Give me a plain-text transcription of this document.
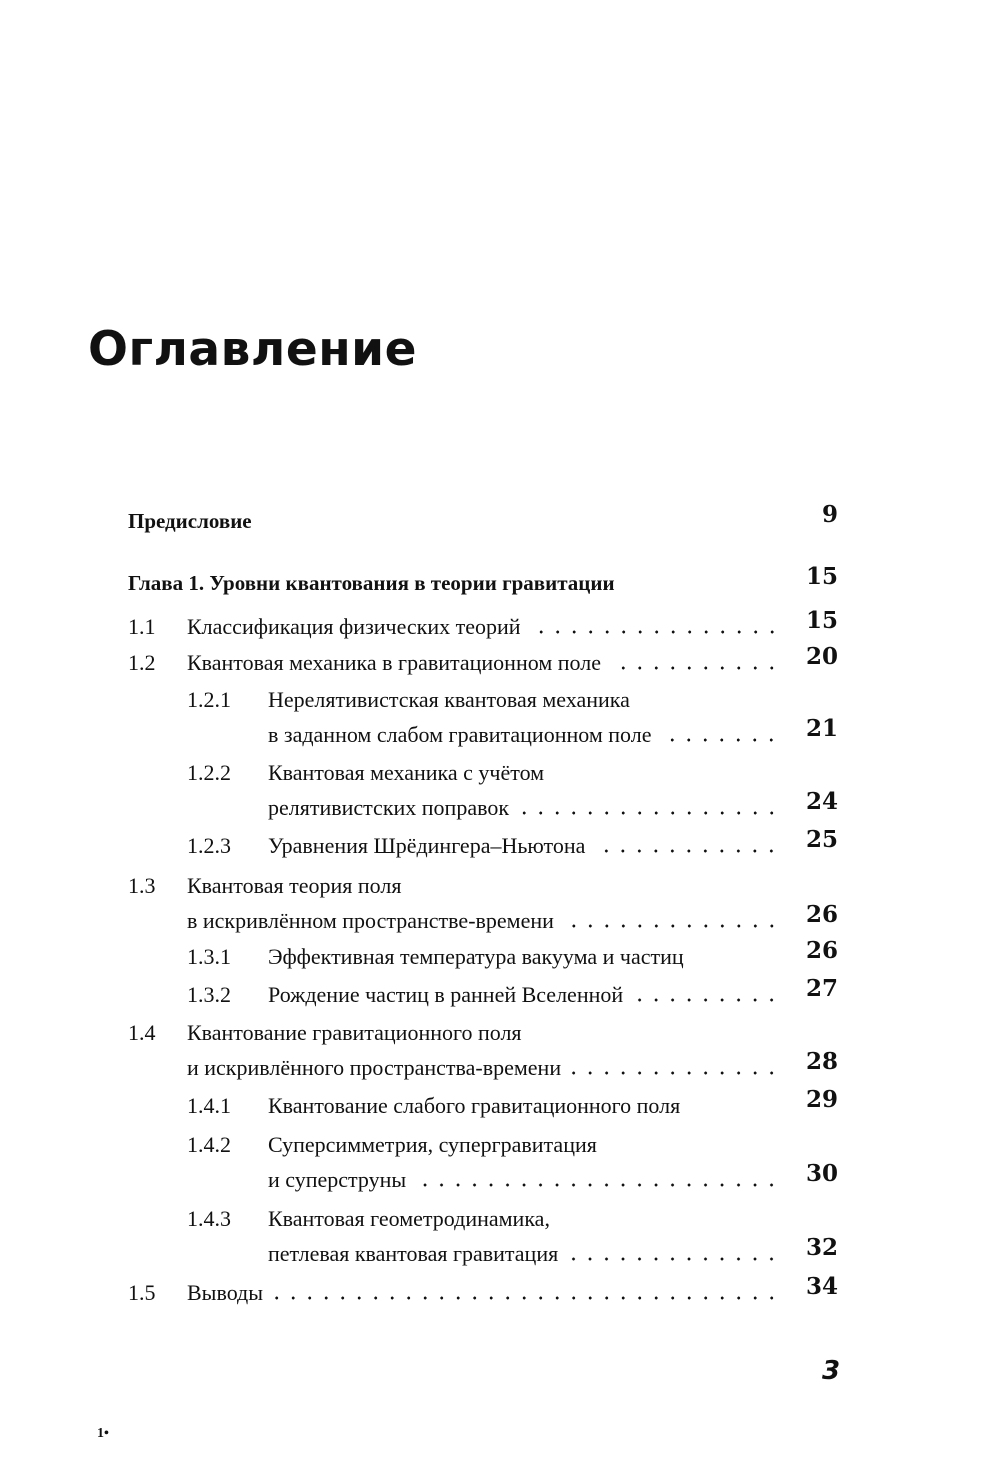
Оглавление
Предисловие	9
Глава 1. Уровни квантования в теории гравитации	15
1.1 Классификация физических теорий	15
1.2 Квантовая механика в гравитационном поле	20
1.2.1 Нерелятивистская квантовая механика
в заданном слабом гравитационном поле	21
1.2.2 Квантовая механика с учётом
релятивистских поправок	24
1.2.3 Уравнения Шрёдингера–Ньютона	25
1.3 Квантовая теория поля
в искривлённом пространстве-времени	26
1.3.1 Эффективная температура вакуума и частиц	26
1.3.2 Рождение частиц в ранней Вселенной	27
1.4 Квантование гравитационного поля
и искривлённого пространства-времени	28
1.4.1 Квантование слабого гравитационного поля	29
1.4.2 Суперсимметрия, супергравитация
и суперструны	30
1.4.3 Квантовая геометродинамика,
петлевая квантовая гравитация	32
1.5 Выводы	34
3
1•
